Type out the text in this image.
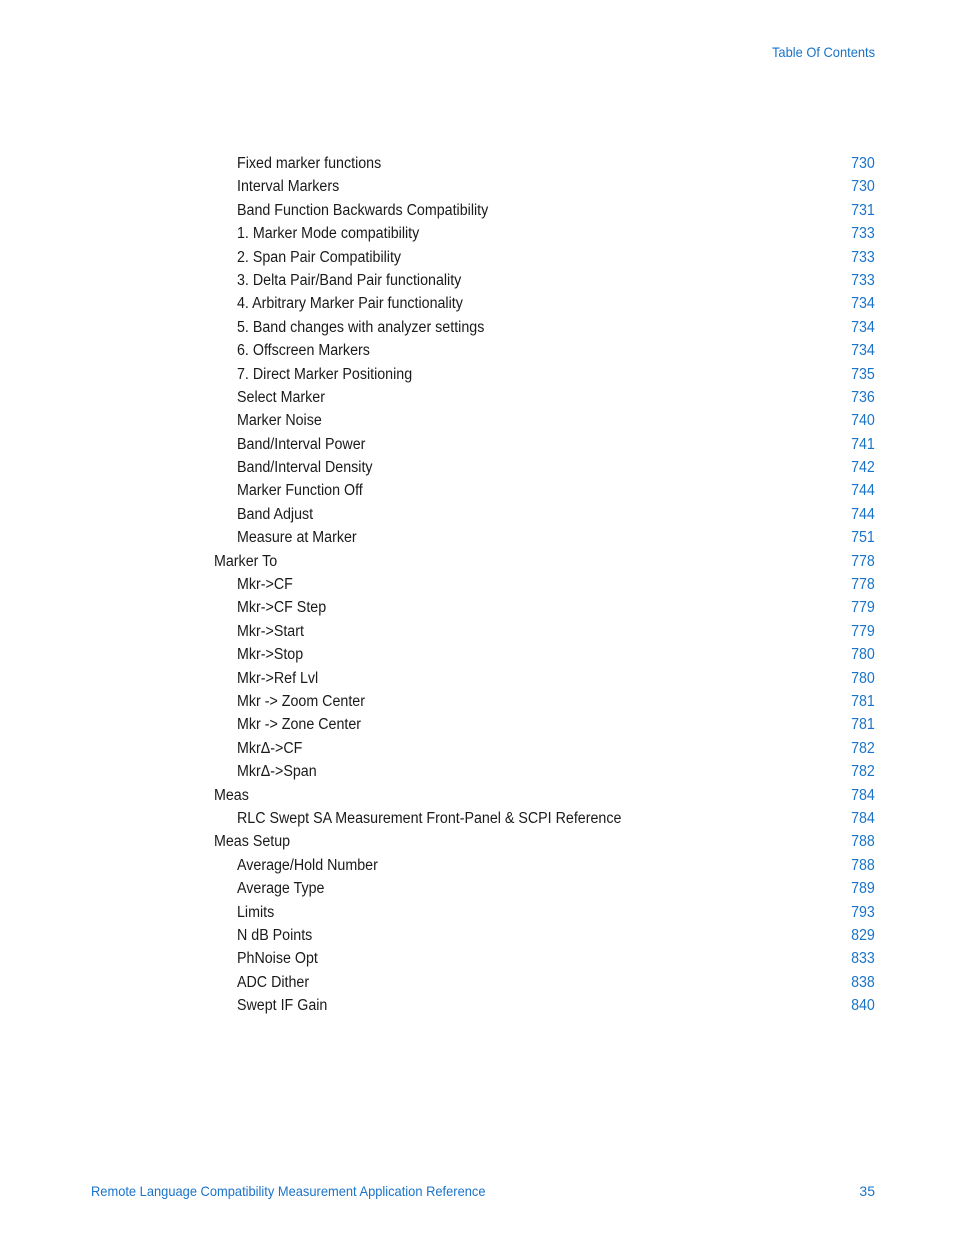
Table Of Contents
Fixed marker functions	730
Interval Markers	730
Band Function Backwards Compatibility	731
1. Marker Mode compatibility	733
2. Span Pair Compatibility	733
3. Delta Pair/Band Pair functionality	733
4. Arbitrary Marker Pair functionality	734
5. Band changes with analyzer settings	734
6. Offscreen Markers	734
7. Direct Marker Positioning	735
Select Marker	736
Marker Noise	740
Band/Interval Power	741
Band/Interval Density	742
Marker Function Off	744
Band Adjust	744
Measure at Marker	751
Marker To	778
Mkr->CF	778
Mkr->CF Step	779
Mkr->Start	779
Mkr->Stop	780
Mkr->Ref Lvl	780
Mkr -> Zoom Center	781
Mkr -> Zone Center	781
MkrΔ->CF	782
MkrΔ->Span	782
Meas	784
RLC Swept SA Measurement Front-Panel & SCPI Reference	784
Meas Setup	788
Average/Hold Number	788
Average Type	789
Limits	793
N dB Points	829
PhNoise Opt	833
ADC Dither	838
Swept IF Gain	840
Remote Language Compatibility Measurement Application Reference	35
